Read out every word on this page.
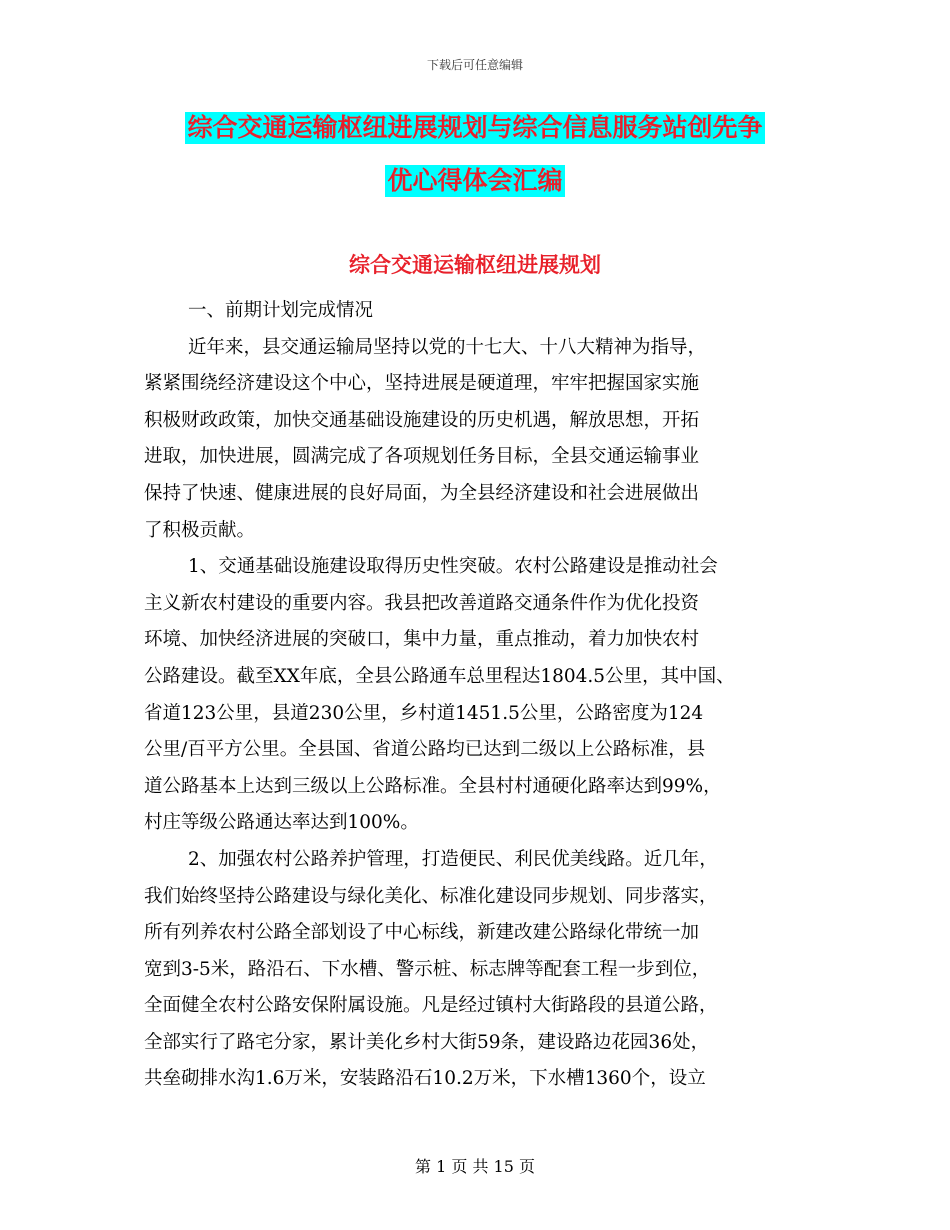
下载后可任意编辑
综合交通运输枢纽进展规划与综合信息服务站创先争
优心得体会汇编
综合交通运输枢纽进展规划
一、前期计划完成情况
近年来，县交通运输局坚持以党的十七大、十八大精神为指导，
紧紧围绕经济建设这个中心，坚持进展是硬道理，牢牢把握国家实施
积极财政政策，加快交通基础设施建设的历史机遇，解放思想，开拓
进取，加快进展，圆满完成了各项规划任务目标，全县交通运输事业
保持了快速、健康进展的良好局面，为全县经济建设和社会进展做出
了积极贡献。
1、交通基础设施建设取得历史性突破。农村公路建设是推动社会
主义新农村建设的重要内容。我县把改善道路交通条件作为优化投资
环境、加快经济进展的突破口，集中力量，重点推动，着力加快农村
公路建设。截至XX年底，全县公路通车总里程达1804.5公里，其中国、
省道123公里，县道230公里，乡村道1451.5公里，公路密度为124
公里/百平方公里。全县国、省道公路均已达到二级以上公路标准，县
道公路基本上达到三级以上公路标准。全县村村通硬化路率达到99%，
村庄等级公路通达率达到100%。
2、加强农村公路养护管理，打造便民、利民优美线路。近几年，
我们始终坚持公路建设与绿化美化、标准化建设同步规划、同步落实，
所有列养农村公路全部划设了中心标线，新建改建公路绿化带统一加
宽到3-5米，路沿石、下水槽、警示桩、标志牌等配套工程一步到位，
全面健全农村公路安保附属设施。凡是经过镇村大街路段的县道公路，
全部实行了路宅分家，累计美化乡村大街59条，建设路边花园36处，
共垒砌排水沟1.6万米，安装路沿石10.2万米，下水槽1360个，设立
第 1 页 共 15 页
